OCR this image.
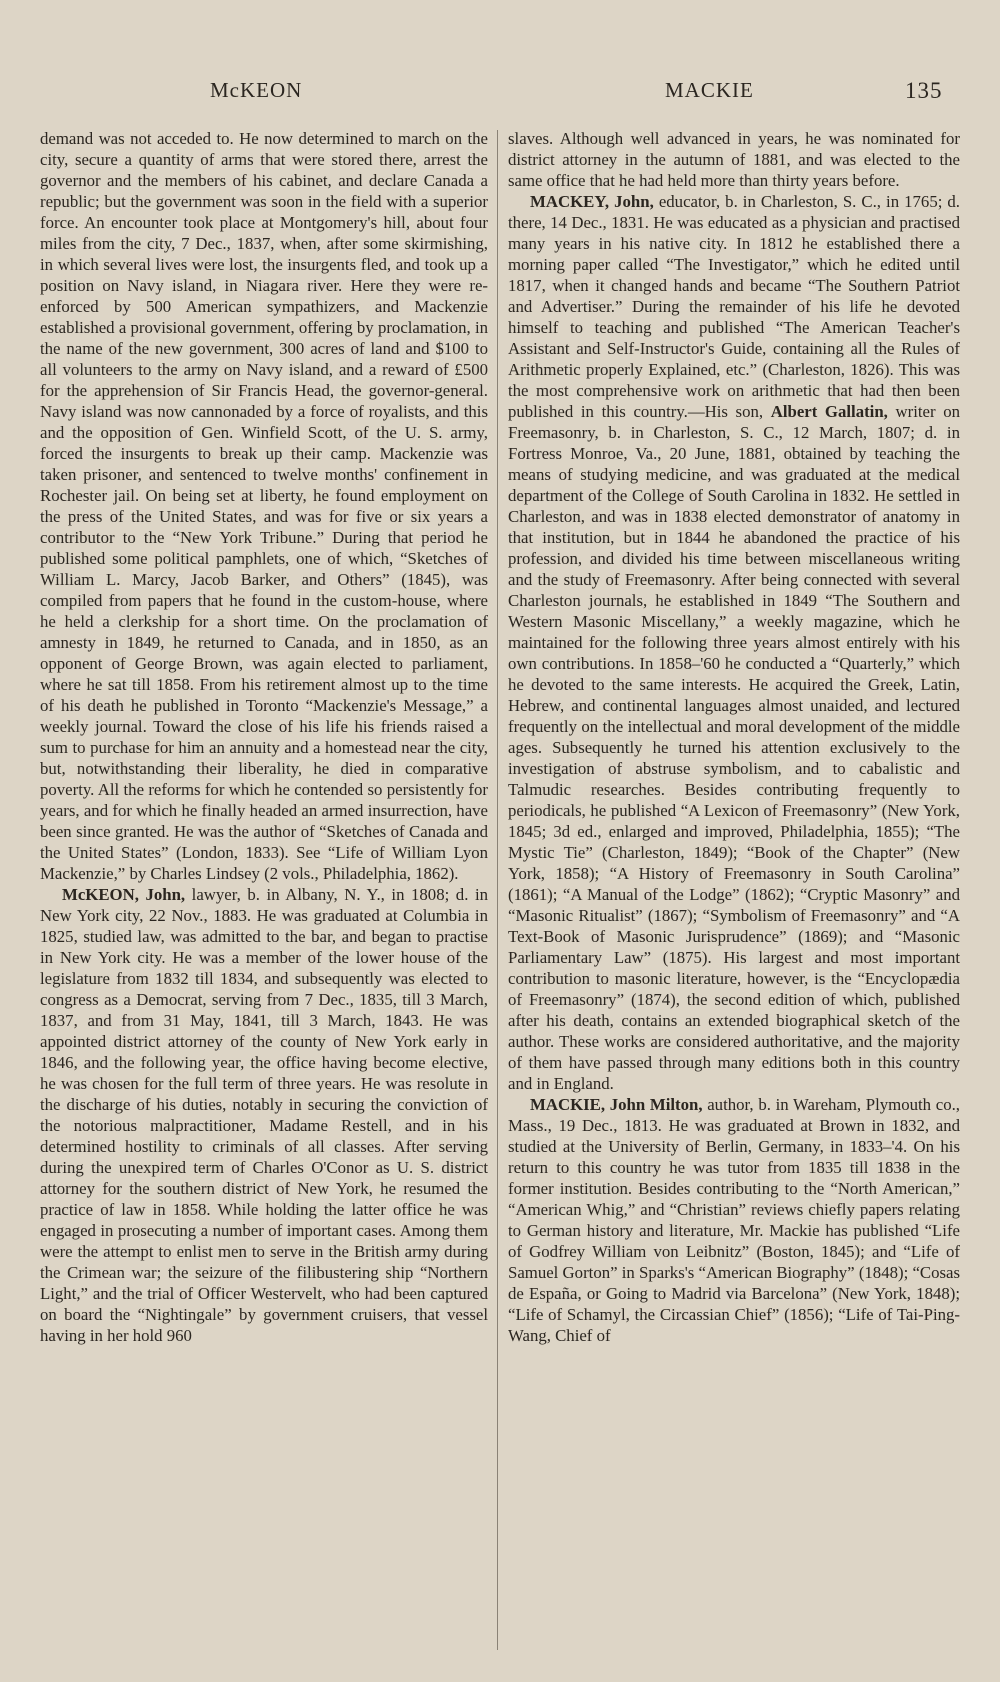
McKEON	MACKIE	135

demand was not acceded to. He now determined to march on the city, secure a quantity of arms that were stored there, arrest the governor and the members of his cabinet, and declare Canada a republic; but the government was soon in the field with a superior force. An encounter took place at Montgomery's hill, about four miles from the city, 7 Dec., 1837, when, after some skirmishing, in which several lives were lost, the insurgents fled, and took up a position on Navy island, in Niagara river. Here they were re-enforced by 500 American sympathizers, and Mackenzie established a provisional government, offering by proclamation, in the name of the new government, 300 acres of land and $100 to all volunteers to the army on Navy island, and a reward of £500 for the apprehension of Sir Francis Head, the governor-general. Navy island was now cannonaded by a force of royalists, and this and the opposition of Gen. Winfield Scott, of the U. S. army, forced the insurgents to break up their camp. Mackenzie was taken prisoner, and sentenced to twelve months' confinement in Rochester jail. On being set at liberty, he found employment on the press of the United States, and was for five or six years a contributor to the “New York Tribune.” During that period he published some political pamphlets, one of which, “Sketches of William L. Marcy, Jacob Barker, and Others” (1845), was compiled from papers that he found in the custom-house, where he held a clerkship for a short time. On the proclamation of amnesty in 1849, he returned to Canada, and in 1850, as an opponent of George Brown, was again elected to parliament, where he sat till 1858. From his retirement almost up to the time of his death he published in Toronto “Mackenzie's Message,” a weekly journal. Toward the close of his life his friends raised a sum to purchase for him an annuity and a homestead near the city, but, notwithstanding their liberality, he died in comparative poverty. All the reforms for which he contended so persistently for years, and for which he finally headed an armed insurrection, have been since granted. He was the author of “Sketches of Canada and the United States” (London, 1833). See “Life of William Lyon Mackenzie,” by Charles Lindsey (2 vols., Philadelphia, 1862).

McKEON, John, lawyer, b. in Albany, N. Y., in 1808; d. in New York city, 22 Nov., 1883. He was graduated at Columbia in 1825, studied law, was admitted to the bar, and began to practise in New York city. He was a member of the lower house of the legislature from 1832 till 1834, and subsequently was elected to congress as a Democrat, serving from 7 Dec., 1835, till 3 March, 1837, and from 31 May, 1841, till 3 March, 1843. He was appointed district attorney of the county of New York early in 1846, and the following year, the office having become elective, he was chosen for the full term of three years. He was resolute in the discharge of his duties, notably in securing the conviction of the notorious malpractitioner, Madame Restell, and in his determined hostility to criminals of all classes. After serving during the unexpired term of Charles O'Conor as U. S. district attorney for the southern district of New York, he resumed the practice of law in 1858. While holding the latter office he was engaged in prosecuting a number of important cases. Among them were the attempt to enlist men to serve in the British army during the Crimean war; the seizure of the filibustering ship “Northern Light,” and the trial of Officer Westervelt, who had been captured on board the “Nightingale” by government cruisers, that vessel having in her hold 960

slaves. Although well advanced in years, he was nominated for district attorney in the autumn of 1881, and was elected to the same office that he had held more than thirty years before.

MACKEY, John, educator, b. in Charleston, S. C., in 1765; d. there, 14 Dec., 1831. He was educated as a physician and practised many years in his native city. In 1812 he established there a morning paper called “The Investigator,” which he edited until 1817, when it changed hands and became “The Southern Patriot and Advertiser.” During the remainder of his life he devoted himself to teaching and published “The American Teacher's Assistant and Self-Instructor's Guide, containing all the Rules of Arithmetic properly Explained, etc.” (Charleston, 1826). This was the most comprehensive work on arithmetic that had then been published in this country.—His son, Albert Gallatin, writer on Freemasonry, b. in Charleston, S. C., 12 March, 1807; d. in Fortress Monroe, Va., 20 June, 1881, obtained by teaching the means of studying medicine, and was graduated at the medical department of the College of South Carolina in 1832. He settled in Charleston, and was in 1838 elected demonstrator of anatomy in that institution, but in 1844 he abandoned the practice of his profession, and divided his time between miscellaneous writing and the study of Freemasonry. After being connected with several Charleston journals, he established in 1849 “The Southern and Western Masonic Miscellany,” a weekly magazine, which he maintained for the following three years almost entirely with his own contributions. In 1858–'60 he conducted a “Quarterly,” which he devoted to the same interests. He acquired the Greek, Latin, Hebrew, and continental languages almost unaided, and lectured frequently on the intellectual and moral development of the middle ages. Subsequently he turned his attention exclusively to the investigation of abstruse symbolism, and to cabalistic and Talmudic researches. Besides contributing frequently to periodicals, he published “A Lexicon of Freemasonry” (New York, 1845; 3d ed., enlarged and improved, Philadelphia, 1855); “The Mystic Tie” (Charleston, 1849); “Book of the Chapter” (New York, 1858); “A History of Freemasonry in South Carolina” (1861); “A Manual of the Lodge” (1862); “Cryptic Masonry” and “Masonic Ritualist” (1867); “Symbolism of Freemasonry” and “A Text-Book of Masonic Jurisprudence” (1869); and “Masonic Parliamentary Law” (1875). His largest and most important contribution to masonic literature, however, is the “Encyclopædia of Freemasonry” (1874), the second edition of which, published after his death, contains an extended biographical sketch of the author. These works are considered authoritative, and the majority of them have passed through many editions both in this country and in England.

MACKIE, John Milton, author, b. in Wareham, Plymouth co., Mass., 19 Dec., 1813. He was graduated at Brown in 1832, and studied at the University of Berlin, Germany, in 1833–'4. On his return to this country he was tutor from 1835 till 1838 in the former institution. Besides contributing to the “North American,” “American Whig,” and “Christian” reviews chiefly papers relating to German history and literature, Mr. Mackie has published “Life of Godfrey William von Leibnitz” (Boston, 1845); and “Life of Samuel Gorton” in Sparks's “American Biography” (1848); “Cosas de España, or Going to Madrid via Barcelona” (New York, 1848); “Life of Schamyl, the Circassian Chief” (1856); “Life of Tai-Ping-Wang, Chief of
